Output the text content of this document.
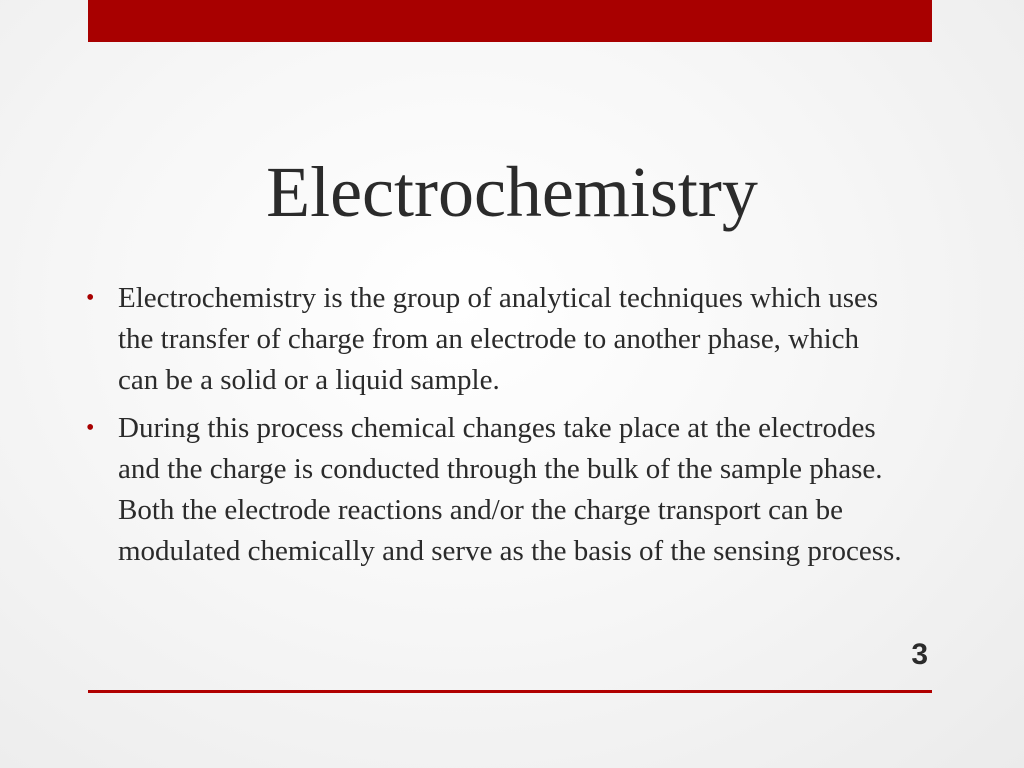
Electrochemistry
• Electrochemistry is the group of analytical techniques which uses the transfer of charge from an electrode to another phase, which can be a solid or a liquid sample.
• During this process chemical changes take place at the electrodes and the charge is conducted through the bulk of the sample phase. Both the electrode reactions and/or the charge transport can be modulated chemically and serve as the basis of the sensing process.
3
